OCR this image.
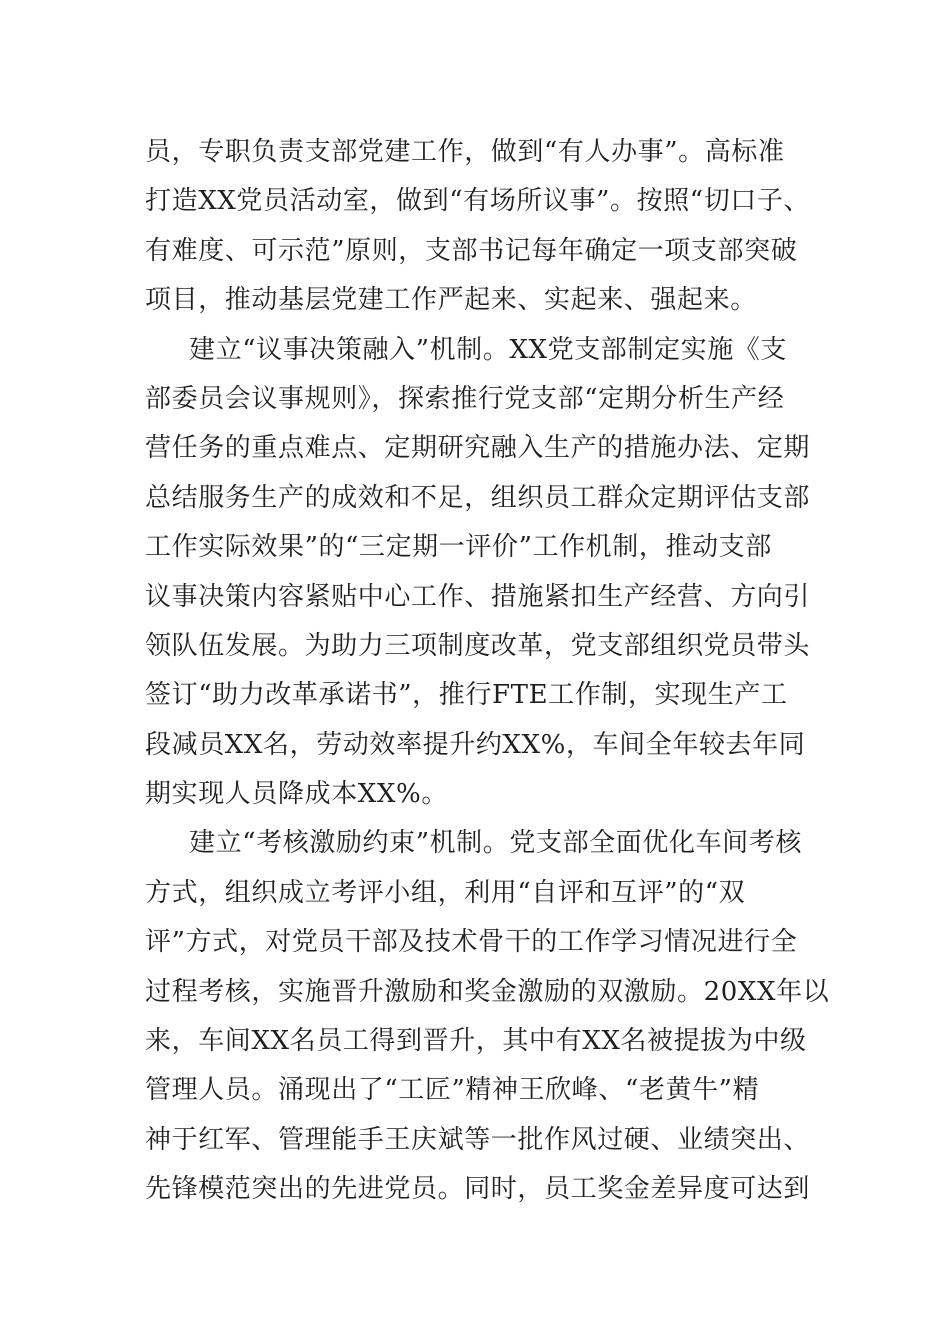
员，专职负责支部党建工作，做到“有人办事”。高标准
打造XX党员活动室，做到“有场所议事”。按照“切口子、
有难度、可示范”原则，支部书记每年确定一项支部突破
项目，推动基层党建工作严起来、实起来、强起来。
建立“议事决策融入”机制。XX党支部制定实施《支
部委员会议事规则》，探索推行党支部“定期分析生产经
营任务的重点难点、定期研究融入生产的措施办法、定期
总结服务生产的成效和不足，组织员工群众定期评估支部
工作实际效果”的“三定期一评价”工作机制，推动支部
议事决策内容紧贴中心工作、措施紧扣生产经营、方向引
领队伍发展。为助力三项制度改革，党支部组织党员带头
签订“助力改革承诺书”，推行FTE工作制，实现生产工
段减员XX名，劳动效率提升约XX%，车间全年较去年同
期实现人员降成本XX%。
建立“考核激励约束”机制。党支部全面优化车间考核
方式，组织成立考评小组，利用“自评和互评”的“双
评”方式，对党员干部及技术骨干的工作学习情况进行全
过程考核，实施晋升激励和奖金激励的双激励。20XX年以
来，车间XX名员工得到晋升，其中有XX名被提拔为中级
管理人员。涌现出了“工匠”精神王欣峰、“老黄牛”精
神于红军、管理能手王庆斌等一批作风过硬、业绩突出、
先锋模范突出的先进党员。同时，员工奖金差异度可达到
